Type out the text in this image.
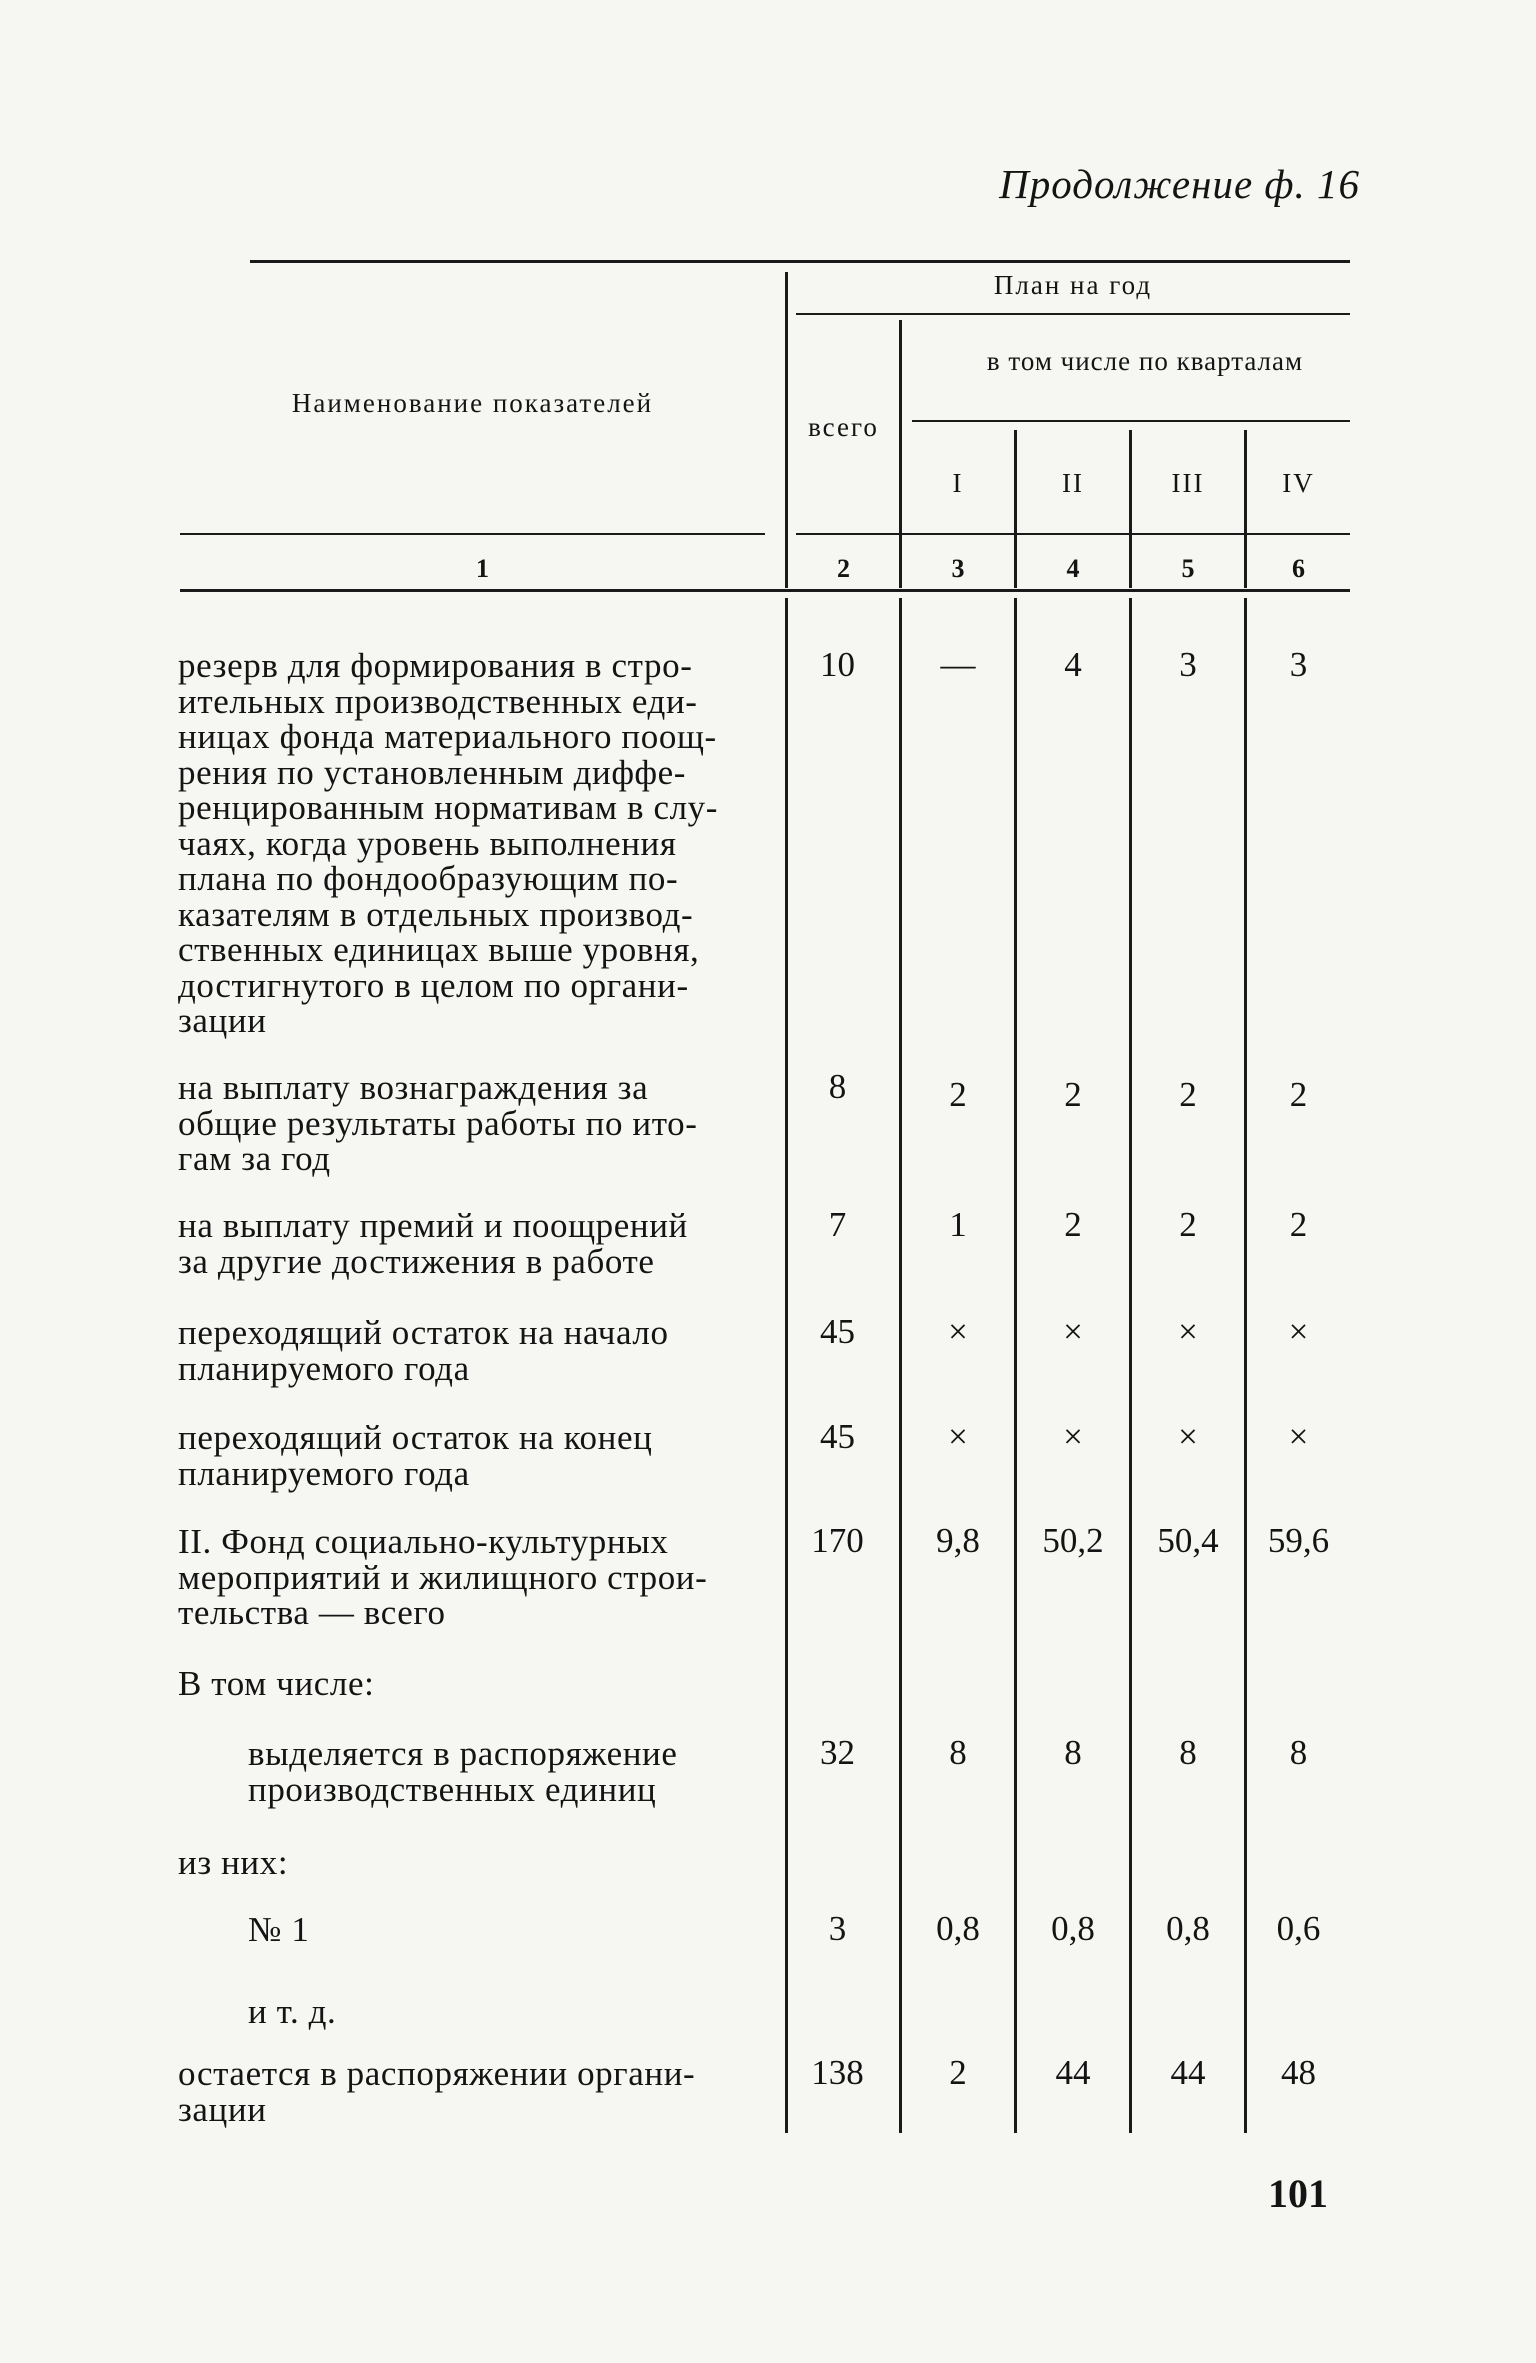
Продолжение ф. 16
Наименование показателей
План на год
всего
в том числе по кварталам
I	II	III	IV
1	2	3	4	5	6
резерв для формирования в стро-
ительных производственных еди-
ницах фонда материального поощ-
рения по установленным диффе-
ренцированным нормативам в слу-
чаях, когда уровень выполнения
плана по фондообразующим по-
казателям в отдельных производ-
ственных единицах выше уровня,
достигнутого в целом по органи-
зации
10	—	4	3	3
на выплату вознаграждения за
общие результаты работы по ито-
гам за год
8	2	2	2	2
на выплату премий и поощрений
за другие достижения в работе
7	1	2	2	2
переходящий остаток на начало
планируемого года
45	×	×	×	×
переходящий остаток на конец
планируемого года
45	×	×	×	×
II. Фонд социально-культурных
мероприятий и жилищного строи-
тельства — всего
170	9,8	50,2	50,4	59,6
В том числе:
выделяется в распоряжение
производственных единиц
32	8	8	8	8
из них:
№ 1	3	0,8	0,8	0,8	0,6
и т. д.
остается в распоряжении органи-
зации
138	2	44	44	48
101
